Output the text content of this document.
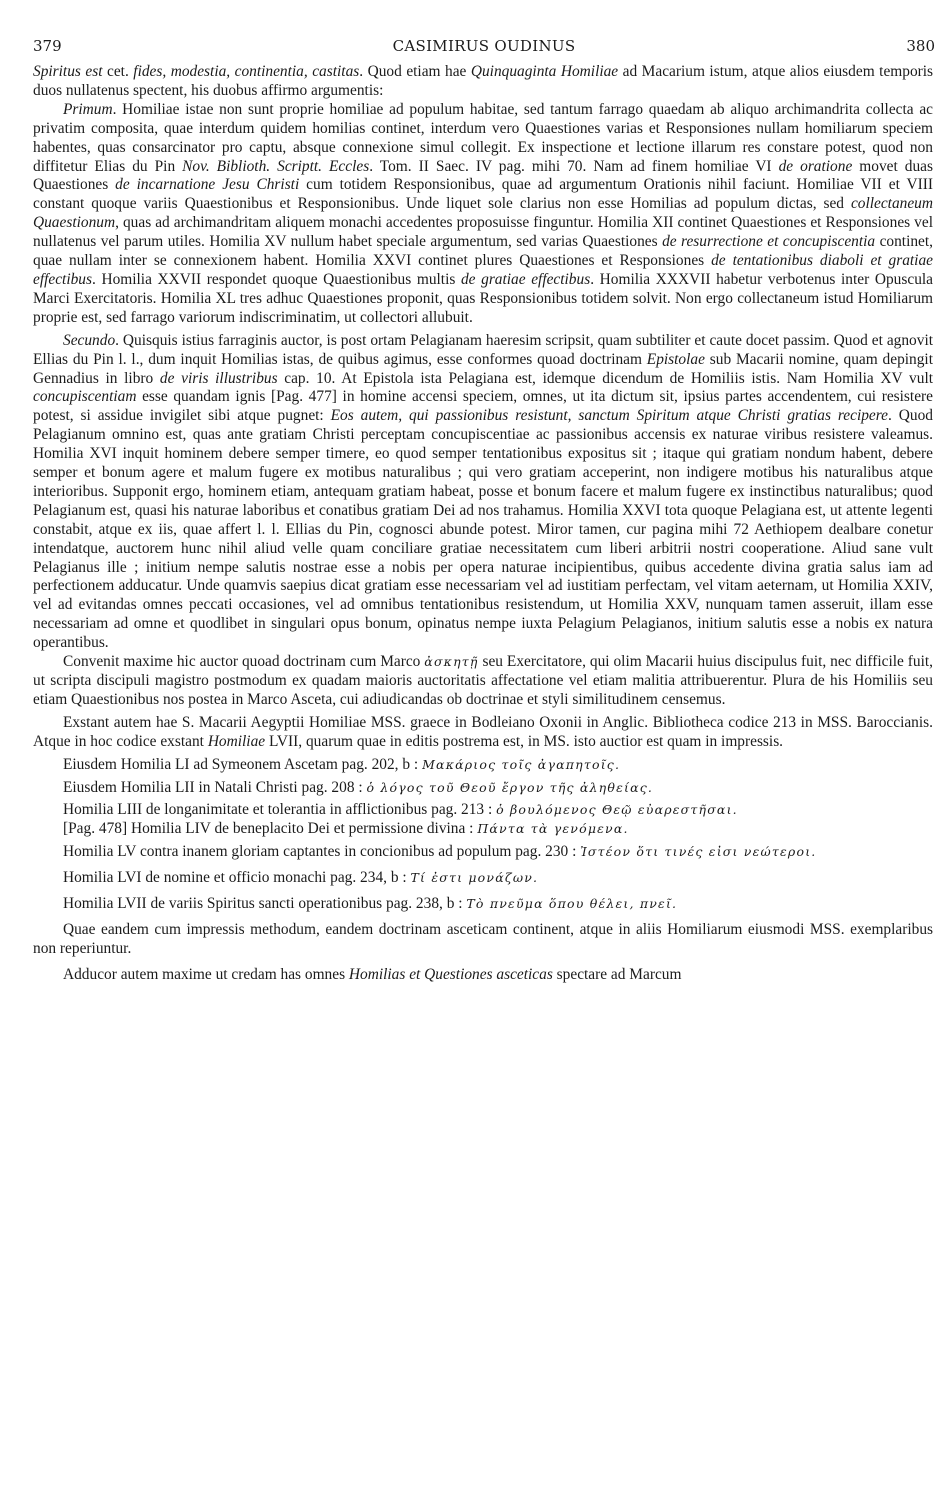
379	CASIMIRUS OUDINUS	380

Spiritus est cet. fides, modestia, continentia, castitas. Quod etiam hae Quinquaginta Homiliae ad Macarium istum, atque alios eiusdem temporis duos nullatenus spectent, his duobus affirmo argumentis:

Primum. Homiliae istae non sunt proprie homiliae ad populum habitae, sed tantum farrago quaedam ab aliquo archimandrita collecta ac privatim composita, quae interdum quidem homilias continet, interdum vero Quaestiones varias et Responsiones nullam homiliarum speciem habentes, quas consarcinator pro captu, absque connexione simul collegit. Ex inspectione et lectione illarum res constare potest, quod non diffitetur Elias du Pin Nov. Biblioth. Scriptt. Eccles. Tom. II Saec. IV pag. mihi 70. Nam ad finem homiliae VI de oratione movet duas Quaestiones de incarnatione Jesu Christi cum totidem Responsionibus, quae ad argumentum Orationis nihil faciunt. Homiliae VII et VIII constant quoque variis Quaestionibus et Responsionibus. Unde liquet sole clarius non esse Homilias ad populum dictas, sed collectaneum Quaestionum, quas ad archimandritam aliquem monachi accedentes proposuisse finguntur. Homilia XII continet Quaestiones et Responsiones vel nullatenus vel parum utiles. Homilia XV nullum habet speciale argumentum, sed varias Quaestiones de resurrectione et concupiscentia continet, quae nullam inter se connexionem habent. Homilia XXVI continet plures Quaestiones et Responsiones de tentationibus diaboli et gratiae effectibus. Homilia XXVII respondet quoque Quaestionibus multis de gratiae effectibus. Homilia XXXVII habetur verbotenus inter Opuscula Marci Exercitatoris. Homilia XL tres adhuc Quaestiones proponit, quas Responsionibus totidem solvit. Non ergo collectaneum istud Homiliarum proprie est, sed farrago variorum indiscriminatim, ut collectori allubuit.

Secundo. Quisquis istius farraginis auctor, is post ortam Pelagianam haeresim scripsit, quam subtiliter et caute docet passim. Quod et agnovit Ellias du Pin l. l., dum inquit Homilias istas, de quibus agimus, esse conformes quoad doctrinam Epistolae sub Macarii nomine, quam depingit Gennadius in libro de viris illustribus cap. 10. At Epistola ista Pelagiana est, idemque dicendum de Homiliis istis. Nam Homilia XV vult concupiscentiam esse quandam ignis [Pag. 477] in homine accensi speciem, omnes, ut ita dictum sit, ipsius partes accendentem, cui resistere potest, si assidue invigilet sibi atque pugnet: Eos autem, qui passionibus resistunt, sanctum Spiritum atque Christi gratias recipere. Quod Pelagianum omnino est, quas ante gratiam Christi perceptam concupiscentiae ac passionibus accensis ex naturae viribus resistere valeamus. Homilia XVI inquit hominem debere semper timere, eo quod semper tentationibus expositus sit ; itaque qui gratiam nondum habent, debere semper et bonum agere et malum fugere ex motibus naturalibus ; qui vero gratiam acceperint, non indigere motibus his naturalibus atque interioribus. Supponit ergo, hominem etiam, antequam gratiam habeat, posse et bonum facere et malum fugere ex instinctibus naturalibus; quod Pelagianum est, quasi his naturae laboribus et conatibus gratiam Dei ad nos trahamus. Homilia XXVI tota quoque Pelagiana est, ut attente legenti constabit, atque ex iis, quae affert l. l. Ellias du Pin, cognosci abunde potest. Miror tamen, cur pagina mihi 72 Aethiopem dealbare conetur intendatque, auctorem hunc nihil aliud velle quam conciliare gratiae necessitatem cum liberi arbitrii nostri cooperatione. Aliud sane vult Pelagianus ille ; initium nempe salutis nostrae esse a nobis per opera naturae incipientibus, quibus accedente divina gratia salus iam ad perfectionem adducatur. Unde quamvis saepius dicat gratiam esse necessariam vel ad iustitiam perfectam, vel vitam aeternam, ut Homilia XXIV, vel ad evitandas omnes peccati occasiones, vel ad omnibus tentationibus resistendum, ut Homilia XXV, nunquam tamen asseruit, illam esse necessariam ad omne et quodlibet in singulari opus bonum, opinatus nempe iuxta Pelagium Pelagianos, initium salutis esse a nobis ex natura operantibus.

Convenit maxime hic auctor quoad doctrinam cum Marco ἀσκητῇ seu Exercitatore, qui olim Macarii huius discipulus fuit, nec difficile fuit, ut scripta discipuli magistro postmodum ex quadam maioris auctoritatis affectatione vel etiam malitia attribuerentur. Plura de his Homiliis seu etiam Quaestionibus nos postea in Marco Asceta, cui adiudicandas ob doctrinae et styli similitudinem censemus.

Exstant autem hae S. Macarii Aegyptii Homiliae MSS. graece in Bodleiano Oxonii in Anglic. Bibliotheca codice 213 in MSS. Baroccianis. Atque in hoc codice exstant Homiliae LVII, quarum quae in editis postrema est, in MS. isto auctior est quam in impressis.

Eiusdem Homilia LI ad Symeonem Ascetam pag. 202, b : Μακάριος τοῖς ἀγαπητοῖς.

Eiusdem Homilia LII in Natali Christi pag. 208 : ὁ λόγος τοῦ Θεοῦ ἔργον τῆς ἀληθείας.

Homilia LIII de longanimitate et tolerantia in afflictionibus pag. 213 : ὁ βουλόμενος Θεῷ εὐαρεστῆσαι.

[Pag. 478] Homilia LIV de beneplacito Dei et permissione divina : Πάντα τὰ γενόμενα.

Homilia LV contra inanem gloriam captantes in concionibus ad populum pag. 230 : Ἰστέον ὅτι τινές εἰσι νεώτεροι.

Homilia LVI de nomine et officio monachi pag. 234, b : Τί ἐστι μονάζων.

Homilia LVII de variis Spiritus sancti operationibus pag. 238, b : Τὸ πνεῦμα ὅπου θέλει, πνεῖ.

Quae eandem cum impressis methodum, eandem doctrinam asceticam continent, atque in aliis Homiliarum eiusmodi MSS. exemplaribus non reperiuntur.

Adducor autem maxime ut credam has omnes Homilias et Questiones asceticas spectare ad Marcum
